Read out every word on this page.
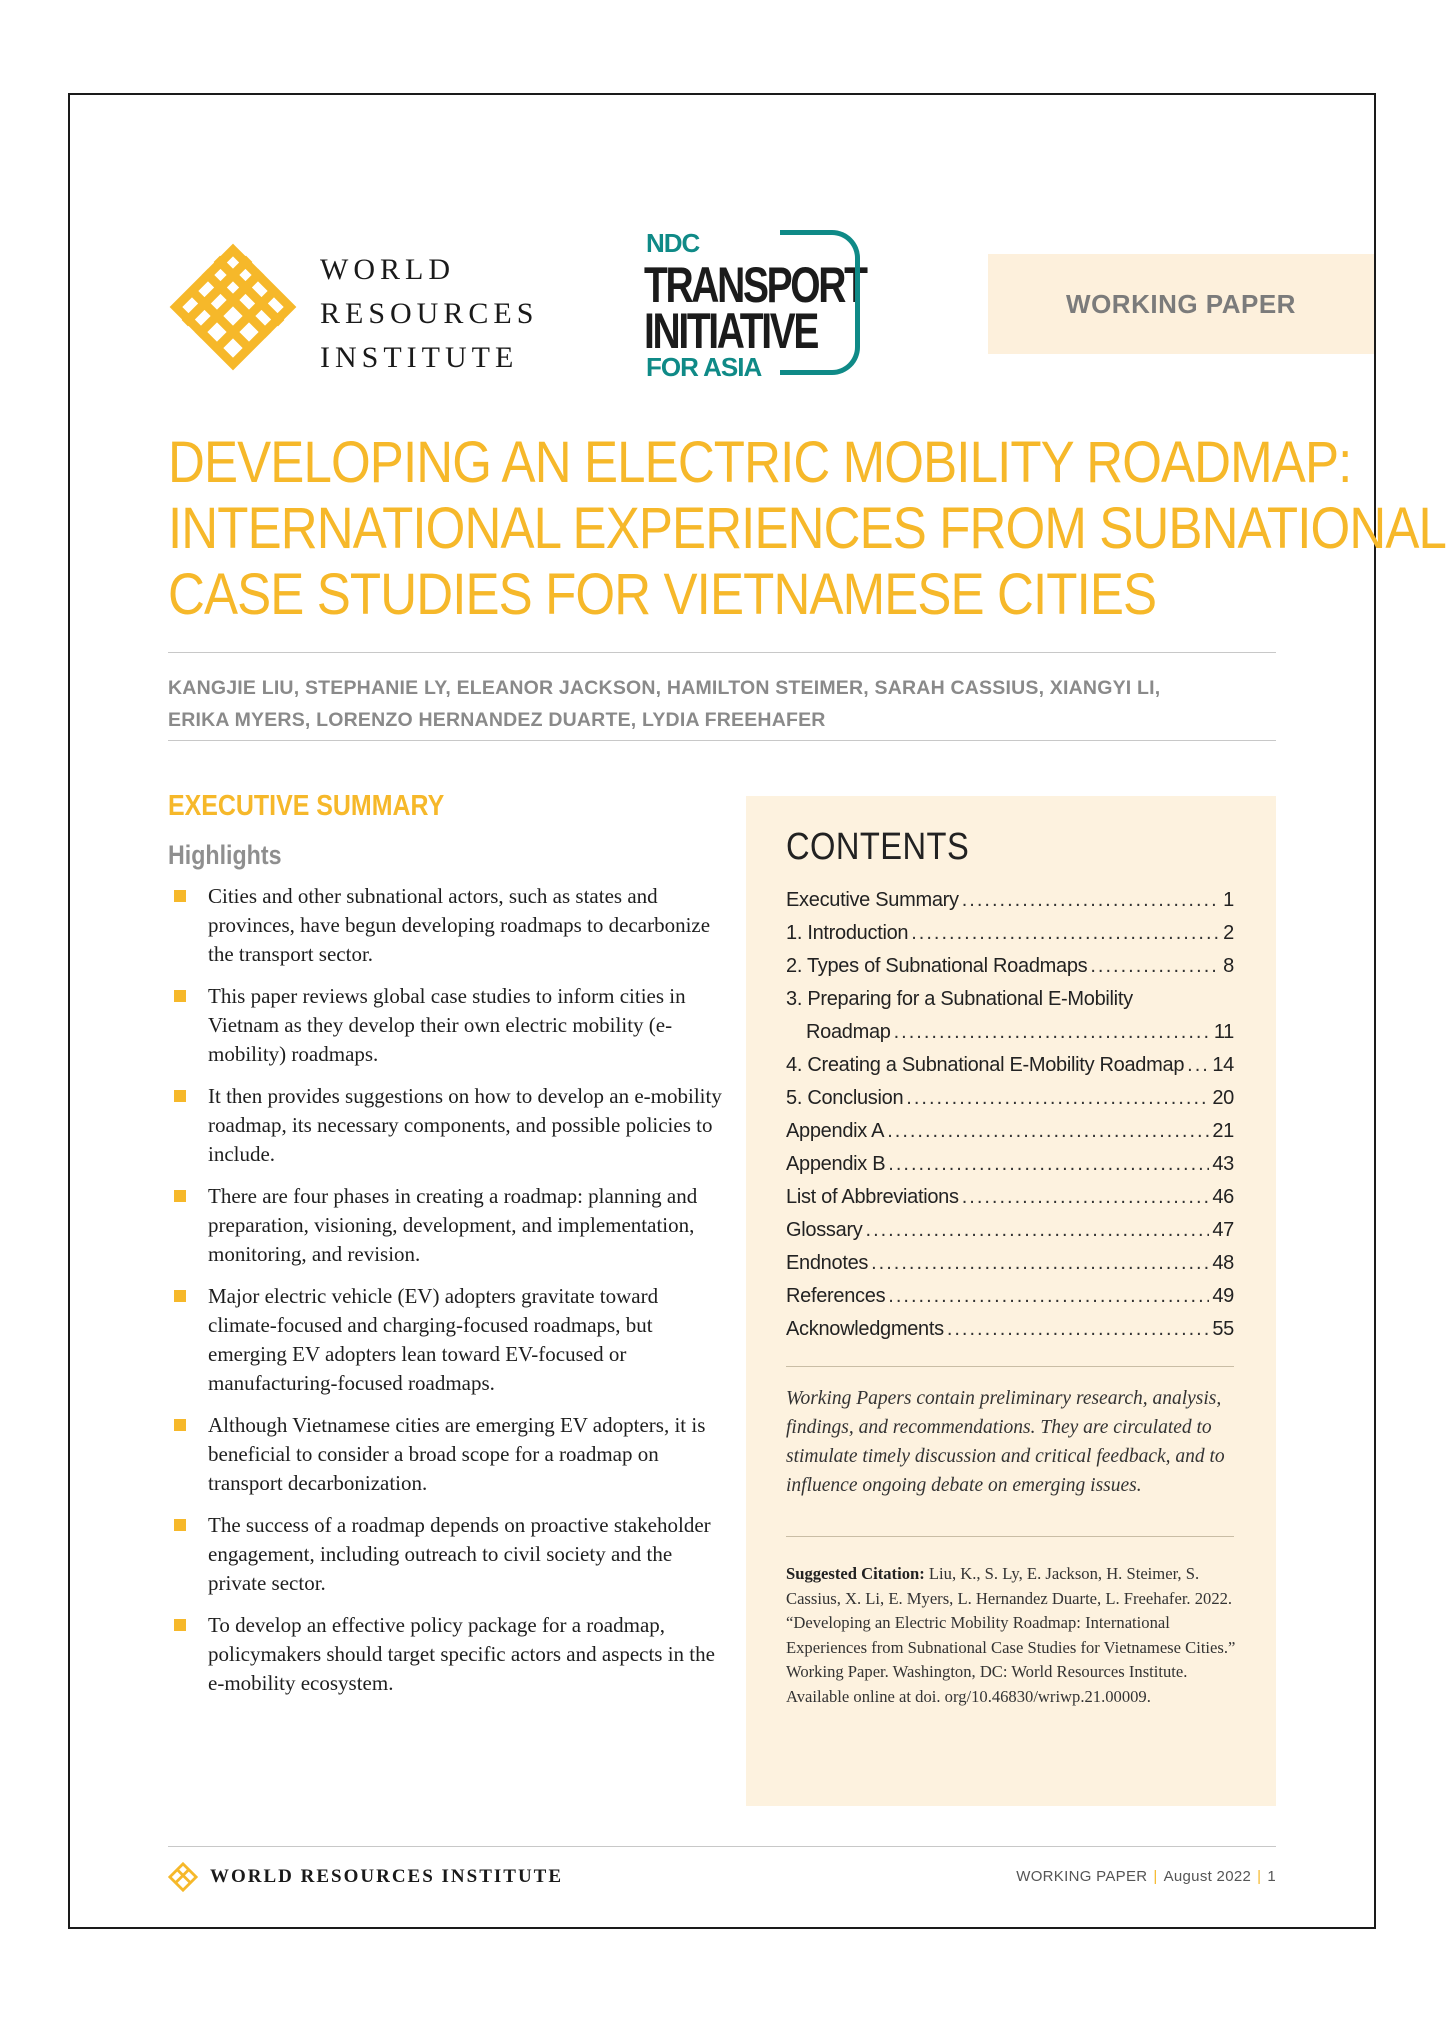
WORLD
RESOURCES
INSTITUTE
NDC
TRANSPORT
INITIATIVE
FOR ASIA
WORKING PAPER
DEVELOPING AN ELECTRIC MOBILITY ROADMAP:
INTERNATIONAL EXPERIENCES FROM SUBNATIONAL
CASE STUDIES FOR VIETNAMESE CITIES
KANGJIE LIU, STEPHANIE LY, ELEANOR JACKSON, HAMILTON STEIMER, SARAH CASSIUS, XIANGYI LI,
ERIKA MYERS, LORENZO HERNANDEZ DUARTE, LYDIA FREEHAFER
EXECUTIVE SUMMARY
Highlights
Cities and other subnational actors, such as states and provinces, have begun developing roadmaps to decarbonize the transport sector.
This paper reviews global case studies to inform cities in Vietnam as they develop their own electric mobility (e-mobility) roadmaps.
It then provides suggestions on how to develop an e-mobility roadmap, its necessary components, and possible policies to include.
There are four phases in creating a roadmap: planning and preparation, visioning, development, and implementation, monitoring, and revision.
Major electric vehicle (EV) adopters gravitate toward climate-focused and charging-focused roadmaps, but emerging EV adopters lean toward EV-focused or manufacturing-focused roadmaps.
Although Vietnamese cities are emerging EV adopters, it is beneficial to consider a broad scope for a roadmap on transport decarbonization.
The success of a roadmap depends on proactive stakeholder engagement, including outreach to civil society and the private sector.
To develop an effective policy package for a roadmap, policymakers should target specific actors and aspects in the e-mobility ecosystem.
CONTENTS
Executive Summary .....	1
1. Introduction .....	2
2. Types of Subnational Roadmaps .....	8
3. Preparing for a Subnational E-Mobility
Roadmap .....	11
4. Creating a Subnational E-Mobility Roadmap ..... 14
5. Conclusion .....	20
Appendix A .....	21
Appendix B .....	43
List of Abbreviations .....	46
Glossary .....	47
Endnotes .....	48
References .....	49
Acknowledgments .....	55
Working Papers contain preliminary research, analysis, findings, and recommendations. They are circulated to stimulate timely discussion and critical feedback, and to influence ongoing debate on emerging issues.
Suggested Citation: Liu, K., S. Ly, E. Jackson, H. Steimer, S. Cassius, X. Li, E. Myers, L. Hernandez Duarte, L. Freehafer. 2022. “Developing an Electric Mobility Roadmap: International Experiences from Subnational Case Studies for Vietnamese Cities.” Working Paper. Washington, DC: World Resources Institute. Available online at doi. org/10.46830/wriwp.21.00009.
WORLD RESOURCES INSTITUTE	WORKING PAPER | August 2022 | 1
